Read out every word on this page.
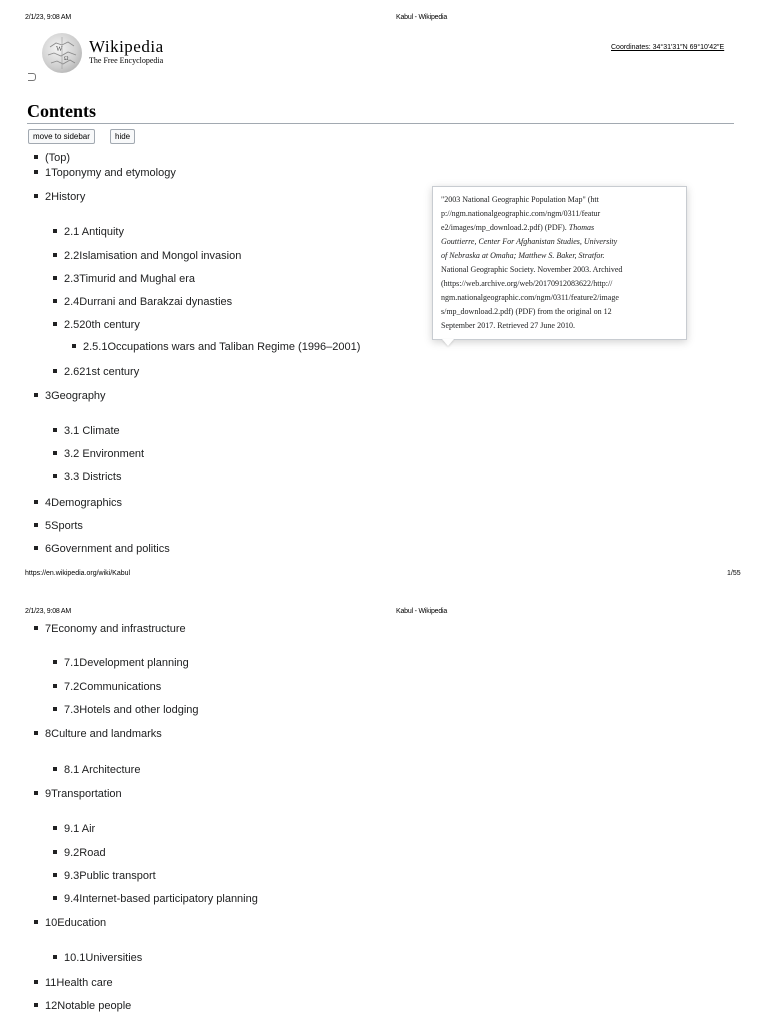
2/1/23, 9:08 AM	Kabul - Wikipedia
W
Ω
Wikipedia
The Free Encyclopedia
Coordinates: 34°31′31″N 69°10′42″E
Contents
move to sidebar	hide
(Top)
1Toponymy and etymology
2History
2.1 Antiquity
2.2Islamisation and Mongol invasion
2.3Timurid and Mughal era
2.4Durrani and Barakzai dynasties
2.520th century
2.5.1Occupations wars and Taliban Regime (1996–2001)
2.621st century
3Geography
3.1 Climate
3.2 Environment
3.3 Districts
4Demographics
5Sports
6Government and politics
"2003 National Geographic Population Map" (htt
p://ngm.nationalgeographic.com/ngm/0311/featur
e2/images/mp_download.2.pdf) (PDF). Thomas
Gouttierre, Center For Afghanistan Studies, University
of Nebraska at Omaha; Matthew S. Baker, Stratfor.
National Geographic Society. November 2003. Archived
(https://web.archive.org/web/20170912083622/http://
ngm.nationalgeographic.com/ngm/0311/feature2/image
s/mp_download.2.pdf) (PDF) from the original on 12
September 2017. Retrieved 27 June 2010.
https://en.wikipedia.org/wiki/Kabul	1/55
2/1/23, 9:08 AM	Kabul - Wikipedia
7Economy and infrastructure
7.1Development planning
7.2Communications
7.3Hotels and other lodging
8Culture and landmarks
8.1 Architecture
9Transportation
9.1 Air
9.2Road
9.3Public transport
9.4Internet-based participatory planning
10Education
10.1Universities
11Health care
12Notable people
